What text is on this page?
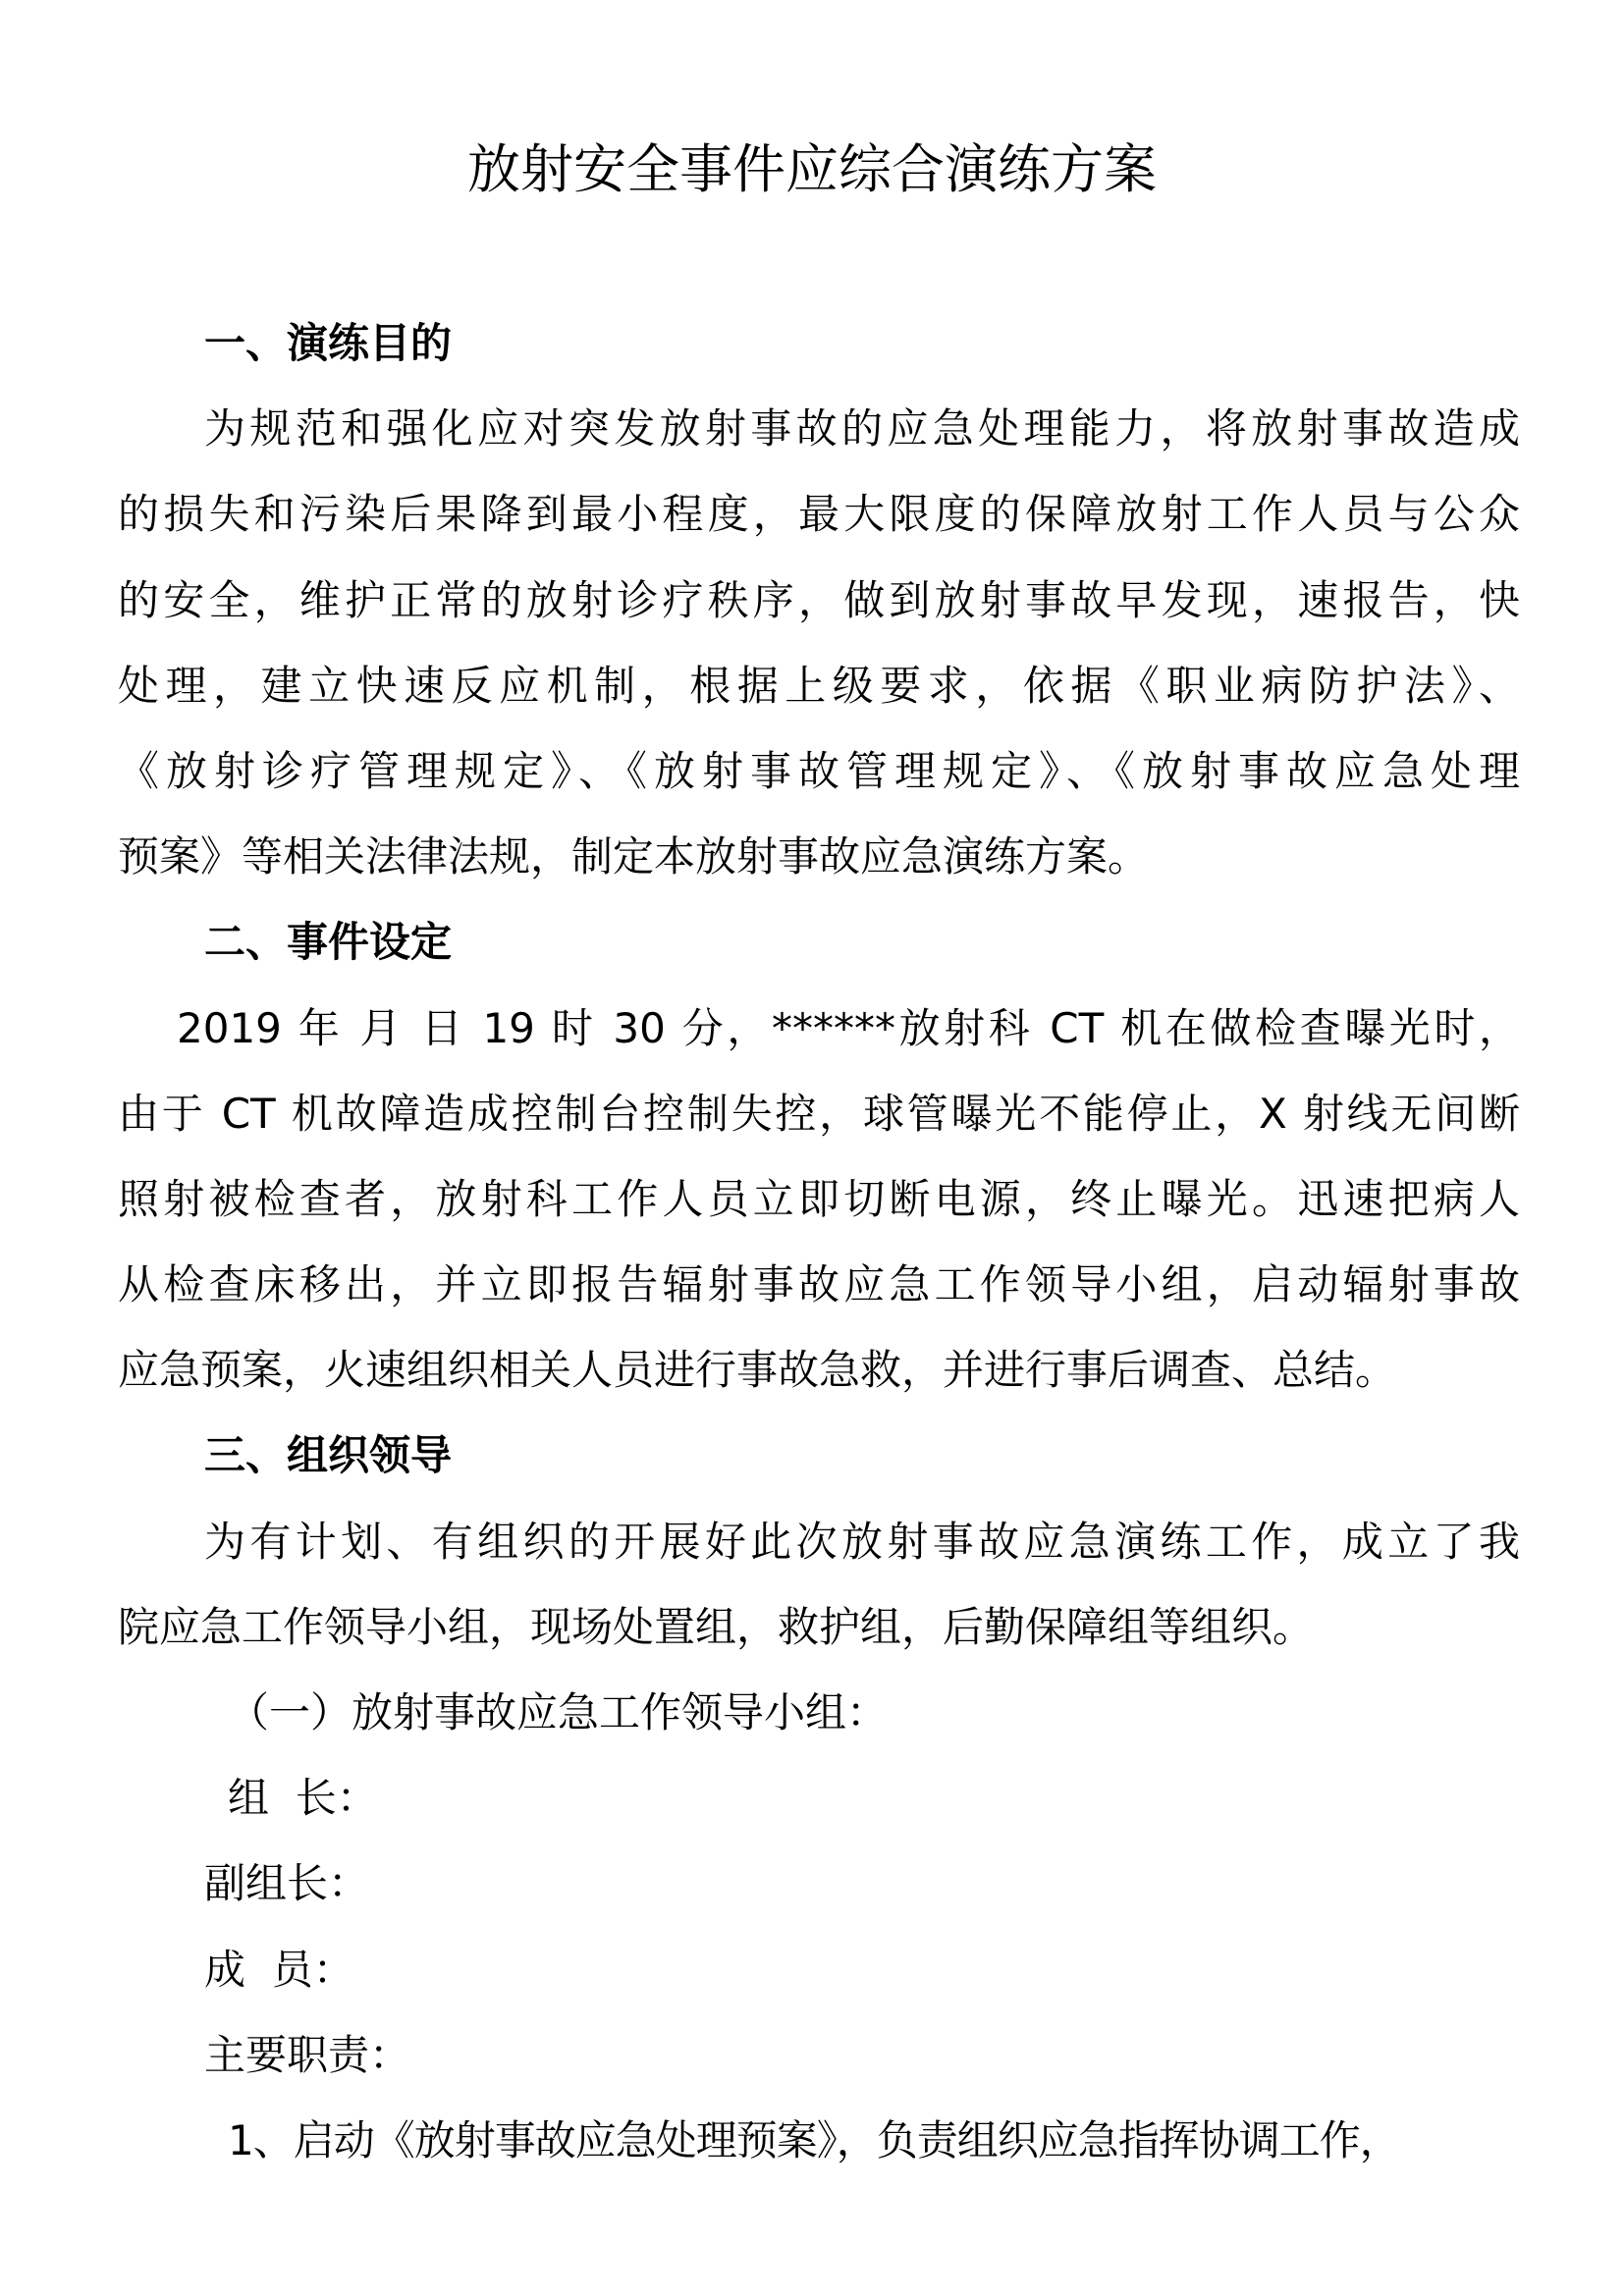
放射安全事件应综合演练方案
一、演练目的
为规范和强化应对突发放射事故的应急处理能力，将放射事故造成
的损失和污染后果降到最小程度，最大限度的保障放射工作人员与公众
的安全，维护正常的放射诊疗秩序，做到放射事故早发现，速报告，快
处理，建立快速反应机制，根据上级要求，依据《职业病防护法》、
《放射诊疗管理规定》、《放射事故管理规定》、《放射事故应急处理
预案》等相关法律法规，制定本放射事故应急演练方案。
二、事件设定
2019 年 月 日 19 时 30 分，******放射科 CT 机在做检查曝光时，
由于 CT 机故障造成控制台控制失控，球管曝光不能停止，X 射线无间断
照射被检查者，放射科工作人员立即切断电源，终止曝光。迅速把病人
从检查床移出，并立即报告辐射事故应急工作领导小组，启动辐射事故
应急预案，火速组织相关人员进行事故急救，并进行事后调查、总结。
三、组织领导
为有计划、有组织的开展好此次放射事故应急演练工作，成立了我
院应急工作领导小组，现场处置组，救护组，后勤保障组等组织。
（一）放射事故应急工作领导小组：
组  长：
副组长：
成  员：
主要职责：
1、启动《放射事故应急处理预案》，负责组织应急指挥协调工作，
